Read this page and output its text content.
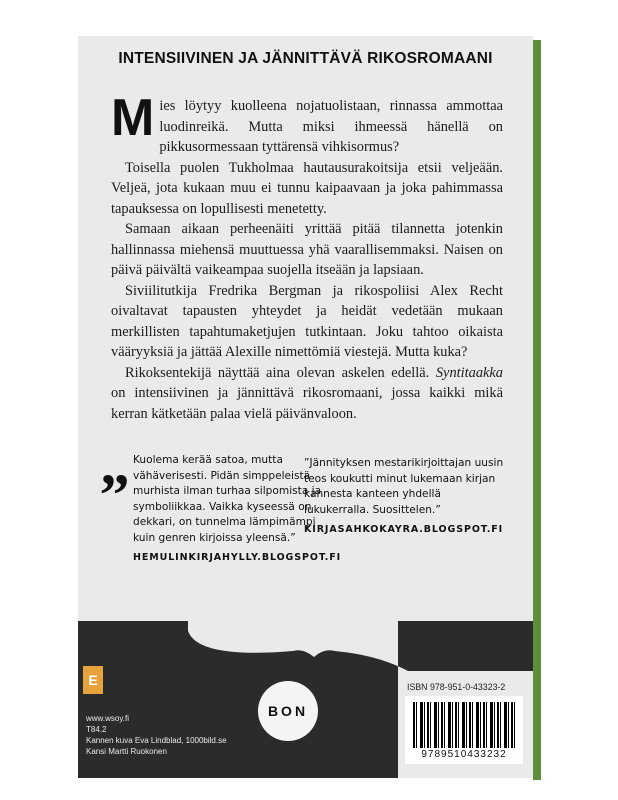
INTENSIIVINEN JA JÄNNITTÄVÄ RIKOSROMAANI

Mies löytyy kuolleena nojatuolistaan, rinnassa ammottaa luodinreikä. Mutta miksi ihmeessä hänellä on pikkusormessaan tyttärensä vihkisormus?

Toisella puolen Tukholmaa hautausurakoitsija etsii veljeään. Veljeä, jota kukaan muu ei tunnu kaipaavaan ja joka pahimmassa tapauksessa on lopullisesti menetetty.

Samaan aikaan perheenäiti yrittää pitää tilannetta jotenkin hallinnassa miehensä muuttuessa yhä vaarallisemmaksi. Naisen on päivä päivältä vaikeampaa suojella itseään ja lapsiaan.

Siviilitutkija Fredrika Bergman ja rikospoliisi Alex Recht oivaltavat tapausten yhteydet ja heidät vedetään mukaan merkillisten tapahtumaketjujen tutkintaan. Joku tahtoo oikaista vääryyksiä ja jättää Alexille nimettömiä viestejä. Mutta kuka?

Rikoksentekijä näyttää aina olevan askelen edellä. Syntitaakka on intensiivinen ja jännittävä rikosromaani, jossa kaikki mikä kerran kätketään palaa vielä päivänvaloon.

„ Kuolema kerää satoa, mutta vähäverisesti. Pidän simppeleistä murhista ilman turhaa silpomista ja symboliikkaa. Vaikka kyseessä on dekkari, on tunnelma lämpimämpi kuin genren kirjoissa yleensä.”
HEMULINKIRJAHYLLY.BLOGSPOT.FI
”Jännityksen mestarikirjoittajan uusin teos koukutti minut lukemaan kirjan kannesta kanteen yhdellä lukukerralla. Suosittelen.”
KIRJASAHKOKAYRA.BLOGSPOT.FI
E
www.wsoy.fi
T84.2
Kannen kuva Eva Lindblad, 1000bild.se
Kansi Martti Ruokonen
BON
ISBN 978-951-0-43323-2
9789510433232
